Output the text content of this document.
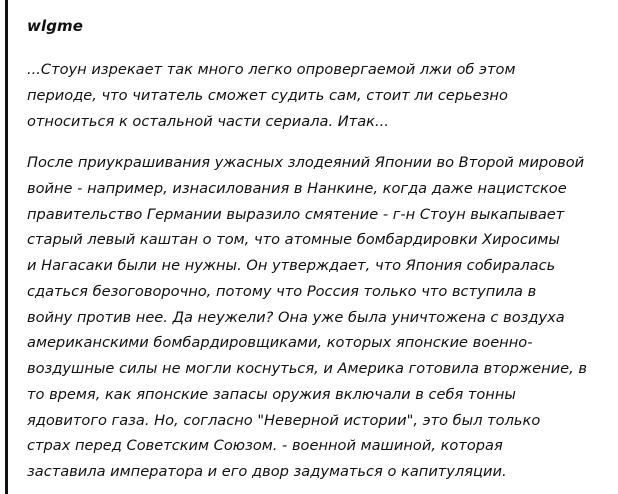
wlgme

...Стоун изрекает так много легко опровергаемой лжи об этом
периоде, что читатель сможет судить сам, стоит ли серьезно
относиться к остальной части сериала. Итак...

После приукрашивания ужасных злодеяний Японии во Второй мировой
войне - например, изнасилования в Нанкине, когда даже нацистское
правительство Германии выразило смятение - г-н Стоун выкапывает
старый левый каштан о том, что атомные бомбардировки Хиросимы
и Нагасаки были не нужны. Он утверждает, что Япония собиралась
сдаться безоговорочно, потому что Россия только что вступила в
войну против нее. Да неужели? Она уже была уничтожена с воздуха
американскими бомбардировщиками, которых японские военно-
воздушные силы не могли коснуться, и Америка готовила вторжение, в
то время, как японские запасы оружия включали в себя тонны
ядовитого газа. Но, согласно "Неверной истории", это был только
страх перед Советским Союзом. - военной машиной, которая
заставила императора и его двор задуматься о капитуляции.
